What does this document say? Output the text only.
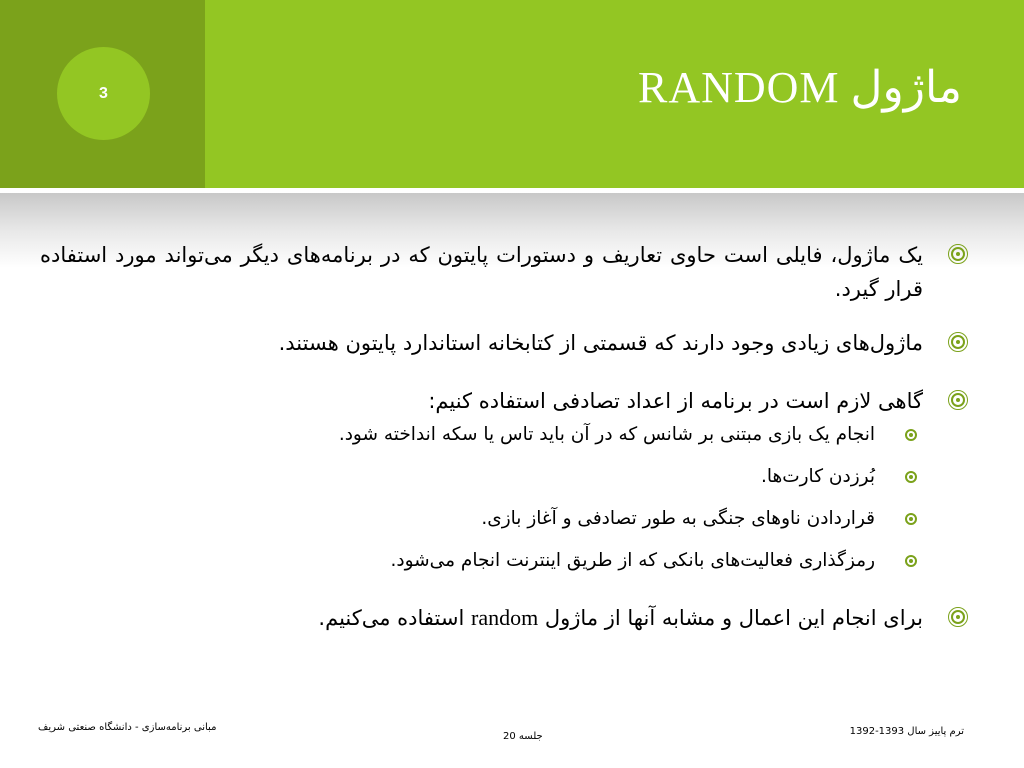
3	ماژول RANDOM
یک ماژول، فایلی است حاوی تعاریف و دستورات پایتون که در برنامه‌های دیگر می‌تواند مورد استفاده قرار گیرد.
ماژول‌های زیادی وجود دارند که قسمتی از کتابخانه استاندارد پایتون هستند.
گاهی لازم است در برنامه از اعداد تصادفی استفاده کنیم:
انجام یک بازی مبتنی بر شانس که در آن باید تاس یا سکه انداخته شود.
بُرزدن کارت‌ها.
قراردادن ناوهای جنگی به طور تصادفی و آغاز بازی.
رمزگذاری فعالیت‌های بانکی که از طریق اینترنت انجام می‌شود.
برای انجام این اعمال و مشابه آنها از ماژول random استفاده می‌کنیم.
مبانی برنامه‌سازی - دانشگاه صنعتی شریف
جلسه 20	ترم پاییز سال 1393-1392
